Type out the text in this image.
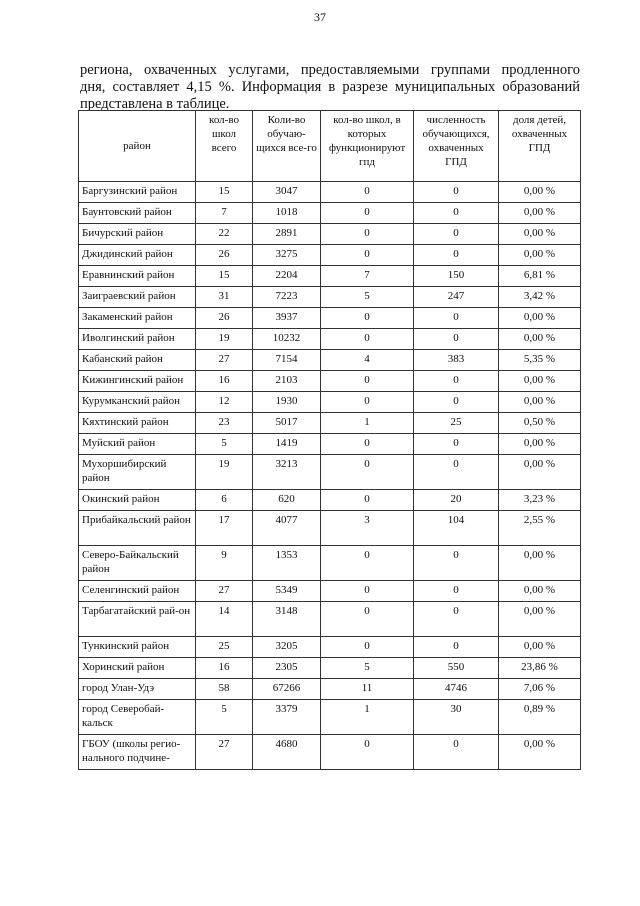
37
региона, охваченных услугами, предоставляемыми группами продленного
дня, составляет 4,15 %. Информация в разрезе муниципальных образований
представлена в таблице.
район	кол-во школ всего	Коли-во обучаю-щихся все-го	кол-во школ, в которых функционируют гпд	численность обучающихся, охваченных ГПД	доля детей, охваченных ГПД
Баргузинский район	15	3047	0	0	0,00 %
Баунтовский район	7	1018	0	0	0,00 %
Бичурский район	22	2891	0	0	0,00 %
Джидинский район	26	3275	0	0	0,00 %
Еравнинский район	15	2204	7	150	6,81 %
Заиграевский район	31	7223	5	247	3,42 %
Закаменский район	26	3937	0	0	0,00 %
Иволгинский район	19	10232	0	0	0,00 %
Кабанский район	27	7154	4	383	5,35 %
Кижингинский район	16	2103	0	0	0,00 %
Курумканский район	12	1930	0	0	0,00 %
Кяхтинский район	23	5017	1	25	0,50 %
Муйский район	5	1419	0	0	0,00 %
Мухоршибирский район	19	3213	0	0	0,00 %
Окинский район	6	620	0	20	3,23 %
Прибайкальский район	17	4077	3	104	2,55 %
Северо-Байкальский район	9	1353	0	0	0,00 %
Селенгинский район	27	5349	0	0	0,00 %
Тарбагатайский рай-он	14	3148	0	0	0,00 %
Тункинский район	25	3205	0	0	0,00 %
Хоринский район	16	2305	5	550	23,86 %
город Улан-Удэ	58	67266	11	4746	7,06 %
город Северобай-кальск	5	3379	1	30	0,89 %
ГБОУ (школы регио-нального подчине-	27	4680	0	0	0,00 %
